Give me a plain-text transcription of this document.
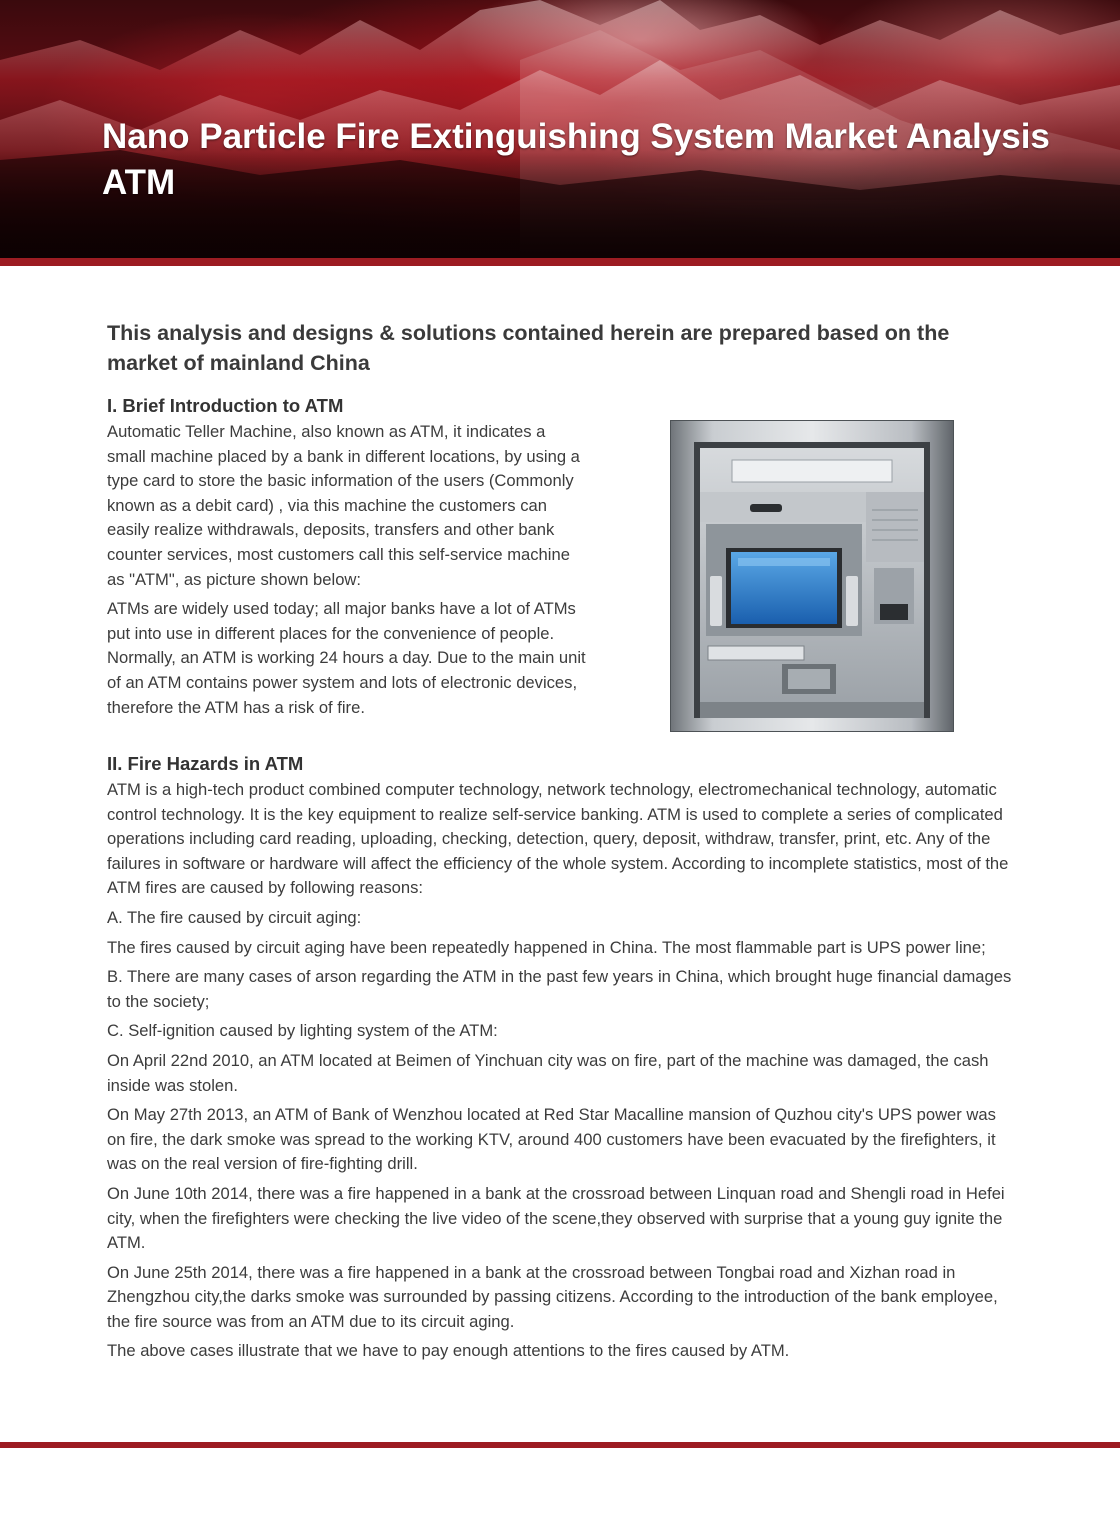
Nano Particle Fire Extinguishing System Market Analysis ATM
This analysis and designs & solutions contained herein are prepared based on the market of mainland China
I. Brief Introduction to ATM

Automatic Teller Machine, also known as ATM, it indicates a small machine placed by a bank in different locations, by using a type card to store the basic information of the users (Commonly known as a debit card) , via this machine the customers can easily realize withdrawals, deposits, transfers and other bank counter services, most customers call this self-service machine as "ATM", as picture shown below:

ATMs are widely used today; all major banks have a lot of ATMs put into use in different places for the convenience of people. Normally, an ATM is working 24 hours a day. Due to the main unit of an ATM contains power system and lots of electronic devices, therefore the ATM has a risk of fire.

II. Fire Hazards in ATM

ATM is a high-tech product combined computer technology, network technology, electromechanical technology, automatic control technology. It is the key equipment to realize self-service banking. ATM is used to complete a series of complicated operations including card reading, uploading, checking, detection, query, deposit, withdraw, transfer, print, etc. Any of the failures in software or hardware will affect the efficiency of the whole system. According to incomplete statistics, most of the ATM fires are caused by following reasons:

A. The fire caused by circuit aging:

The fires caused by circuit aging have been repeatedly happened in China. The most flammable part is UPS power line;

B. There are many cases of arson regarding the ATM in the past few years in China, which brought huge financial damages to the society;

C. Self-ignition caused by lighting system of the ATM:

On April 22nd 2010, an ATM located at Beimen of Yinchuan city was on fire, part of the machine was damaged, the cash inside was stolen.

On May 27th 2013, an ATM of Bank of Wenzhou located at Red Star Macalline mansion of Quzhou city's UPS power was on fire, the dark smoke was spread to the working KTV, around 400 customers have been evacuated by the firefighters, it was on the real version of fire-fighting drill.

On June 10th 2014, there was a fire happened in a bank at the crossroad between Linquan road and Shengli road in Hefei city, when the firefighters were checking the live video of the scene,they observed with surprise that a young guy ignite the ATM.

On June 25th 2014, there was a fire happened in a bank at the crossroad between Tongbai road and Xizhan road in Zhengzhou city,the darks smoke was surrounded by passing citizens. According to the introduction of the bank employee, the fire source was from an ATM due to its circuit aging.

The above cases illustrate that we have to pay enough attentions to the fires caused by ATM.
